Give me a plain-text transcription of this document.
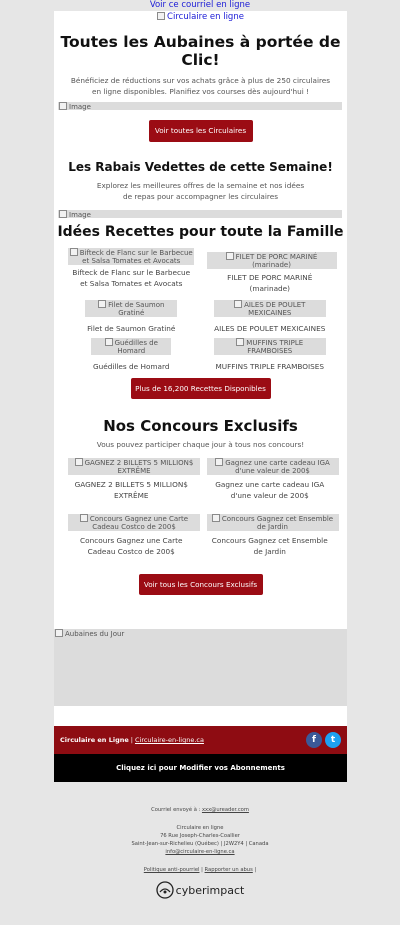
Voir ce courriel en ligne
Circulaire en ligne
Toutes les Aubaines à portée de Clic!
Bénéficiez de réductions sur vos achats grâce à plus de 250 circulaires en ligne disponibles. Planifiez vos courses dès aujourd'hui !
Image
Voir toutes les Circulaires
Les Rabais Vedettes de cette Semaine!
Explorez les meilleures offres de la semaine et nos idées de repas pour accompagner les circulaires
Image
Idées Recettes pour toute la Famille
Bifteck de Flanc sur le Barbecue et Salsa Tomates et Avocats
Bifteck de Flanc sur le Barbecue et Salsa Tomates et Avocats
FILET DE PORC MARINÉ (marinade)
FILET DE PORC MARINÉ (marinade)
Filet de Saumon Gratiné
Filet de Saumon Gratiné
AILES DE POULET MEXICAINES
AILES DE POULET MEXICAINES
Guédilles de Homard
Guédilles de Homard
MUFFINS TRIPLE FRAMBOISES
MUFFINS TRIPLE FRAMBOISES
Plus de 16,200 Recettes Disponibles
Nos Concours Exclusifs
Vous pouvez participer chaque jour à tous nos concours!
GAGNEZ 2 BILLETS 5 MILLION$ EXTRÊME
GAGNEZ 2 BILLETS 5 MILLION$ EXTRÊME
Gagnez une carte cadeau IGA d'une valeur de 200$
Gagnez une carte cadeau IGA d'une valeur de 200$
Concours Gagnez une Carte Cadeau Costco de 200$
Concours Gagnez une Carte Cadeau Costco de 200$
Concours Gagnez cet Ensemble de Jardin
Concours Gagnez cet Ensemble de Jardin
Voir tous les Concours Exclusifs
Aubaines du Jour
Circulaire en Ligne | Circulaire-en-ligne.ca	f	t
Cliquez ici pour Modifier vos Abonnements
Courriel envoyé à : xxx@ureader.com
Circulaire en ligne
76 Rue Joseph-Charles-Coallier
Saint-Jean-sur-Richelieu (Québec) | J2W2Y4 | Canada
info@circulaire-en-ligne.ca
Politique anti-pourriel | Rapporter un abus |
cyberimpact
